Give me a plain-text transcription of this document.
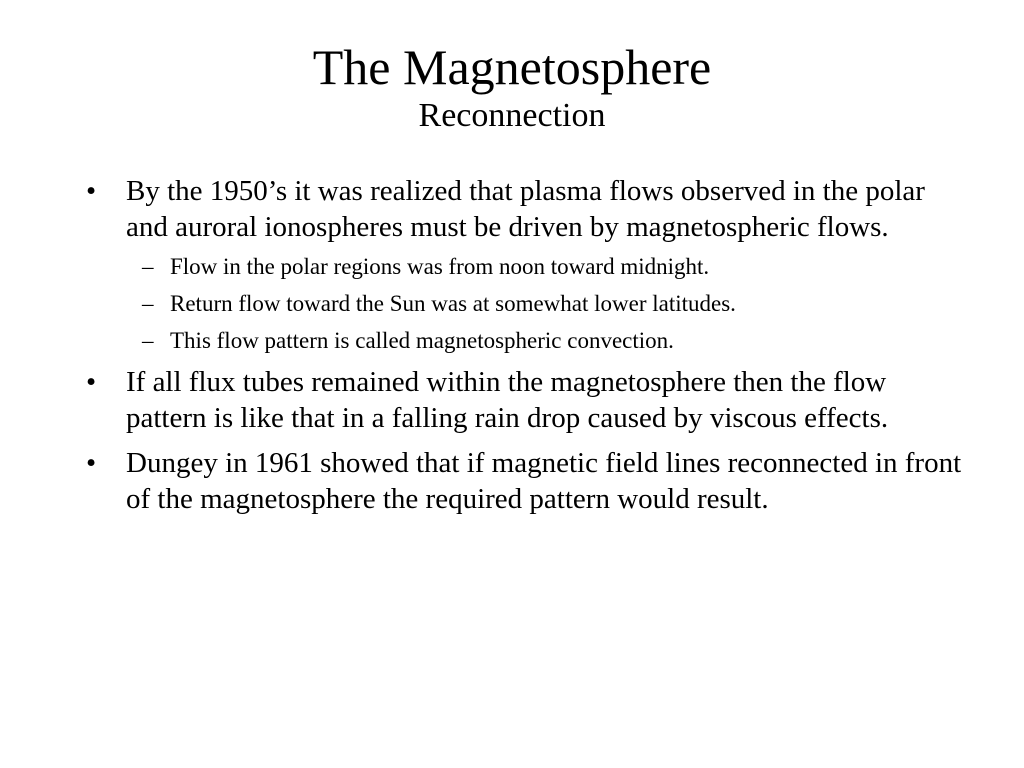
The Magnetosphere
Reconnection
• By the 1950’s it was realized that plasma flows observed in the polar and auroral ionospheres must be driven by magnetospheric flows.
– Flow in the polar regions was from noon toward midnight.
– Return flow toward the Sun was at somewhat lower latitudes.
– This flow pattern is called magnetospheric convection.
• If all flux tubes remained within the magnetosphere then the flow pattern is like that in a falling rain drop caused by viscous effects.
• Dungey in 1961 showed that if magnetic field lines reconnected in front of the magnetosphere the required pattern would result.
